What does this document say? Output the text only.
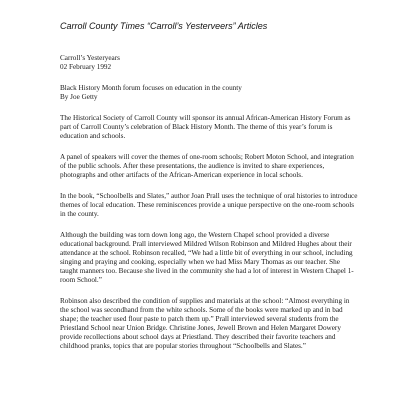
Carroll County Times “Carroll’s Yesterveers” Articles

Carroll’s Yesteryears
02 February 1992
Black History Month forum focuses on education in the county
By Joe Getty

The Historical Society of Carroll County will sponsor its annual African-American History Forum as part of Carroll County’s celebration of Black History Month. The theme of this year’s forum is education and schools.

A panel of speakers will cover the themes of one-room schools; Robert Moton School, and integration of the public schools. After these presentations, the audience is invited to share experiences, photographs and other artifacts of the African-American experience in local schools.

In the book, “Schoolbells and Slates,” author Joan Prall uses the technique of oral histories to introduce themes of local education. These reminiscences provide a unique perspective on the one-room schools in the county.

Although the building was torn down long ago, the Western Chapel school provided a diverse educational background. Prall interviewed Mildred Wilson Robinson and Mildred Hughes about their attendance at the school. Robinson recalled, “We had a little bit of everything in our school, including singing and praying and cooking, especially when we had Miss Mary Thomas as our teacher. She taught manners too. Because she lived in the community she had a lot of interest in Western Chapel 1-room School.”

Robinson also described the condition of supplies and materials at the school: “Almost everything in the school was secondhand from the white schools. Some of the books were marked up and in bad shape; the teacher used flour paste to patch them up.” Prall interviewed several students from the Priestland School near Union Bridge. Christine Jones, Jewell Brown and Helen Margaret Dowery provide recollections about school days at Priestland. They described their favorite teachers and childhood pranks, topics that are popular stories throughout “Schoolbells and Slates.”
